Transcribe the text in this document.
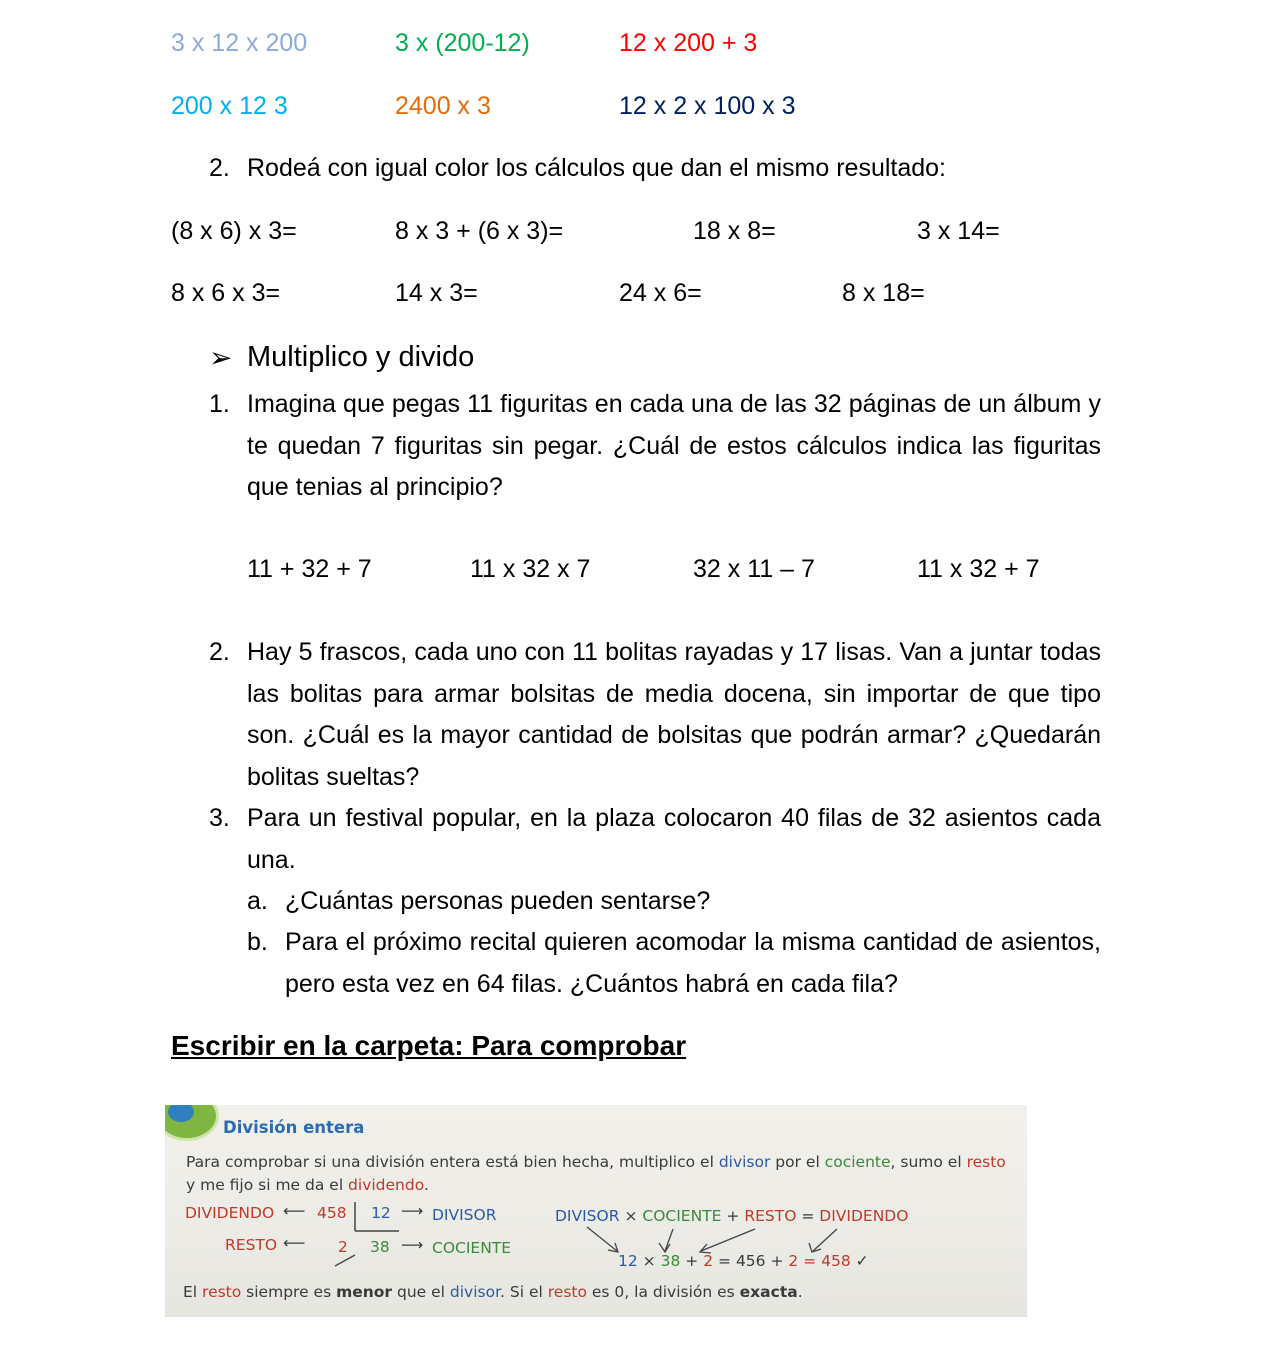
3 x 12 x 200	3 x (200-12)	12 x 200 + 3
200 x 12 3	2400 x 3	12 x 2 x 100 x 3
2. Rodeá con igual color los cálculos que dan el mismo resultado:
(8 x 6) x 3=	8 x 3 + (6 x 3)=	18 x 8=	3 x 14=
8 x 6 x 3=	14 x 3=	24 x 6=	8 x 18=
➢ Multiplico y divido
1. Imagina que pegas 11 figuritas en cada una de las 32 páginas de un álbum y te quedan 7 figuritas sin pegar. ¿Cuál de estos cálculos indica las figuritas que tenias al principio?
11 + 32 + 7	11 x 32 x 7	32 x 11 – 7	11 x 32 + 7
2. Hay 5 frascos, cada uno con 11 bolitas rayadas y 17 lisas. Van a juntar todas las bolitas para armar bolsitas de media docena, sin importar de que tipo son. ¿Cuál es la mayor cantidad de bolsitas que podrán armar? ¿Quedarán bolitas sueltas?
3. Para un festival popular, en la plaza colocaron 40 filas de 32 asientos cada una.
a. ¿Cuántas personas pueden sentarse?
b. Para el próximo recital quieren acomodar la misma cantidad de asientos, pero esta vez en 64 filas. ¿Cuántos habrá en cada fila?
Escribir en la carpeta: Para comprobar
División entera
Para comprobar si una división entera está bien hecha, multiplico el divisor por el cociente, sumo el resto
y me fijo si me da el dividendo.
DIVIDENDO ⟵ 458 12 ⟶ DIVISOR
RESTO ⟵ 2 38 ⟶ COCIENTE
DIVISOR × COCIENTE + RESTO = DIVIDENDO
12 × 38 + 2 = 456 + 2 = 458 ✓
El resto siempre es menor que el divisor. Si el resto es 0, la división es exacta.
